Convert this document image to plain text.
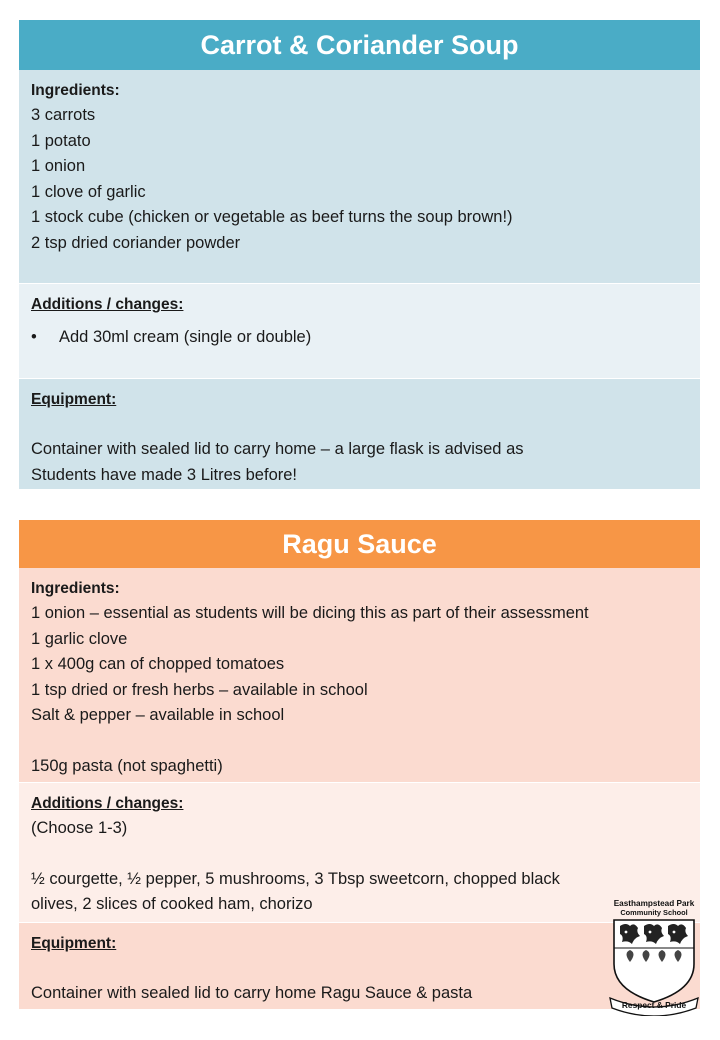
Carrot & Coriander Soup
Ingredients:
3 carrots
1 potato
1 onion
1 clove of garlic
1 stock cube (chicken or vegetable as beef turns the soup brown!)
2 tsp dried coriander powder
Additions / changes:
• Add 30ml cream (single or double)
Equipment:
Container with sealed lid to carry home – a large flask is advised as
Students have made 3 Litres before!
Ragu Sauce
Ingredients:
1 onion – essential as students will be dicing this as part of their assessment
1 garlic clove
1 x 400g can of chopped tomatoes
1 tsp dried or fresh herbs – available in school
Salt & pepper – available in school
150g pasta (not spaghetti)
Additions / changes:
(Choose 1-3)
½ courgette, ½ pepper, 5 mushrooms, 3 Tbsp sweetcorn, chopped black
olives, 2 slices of cooked ham, chorizo
Equipment:
Container with sealed lid to carry home Ragu Sauce & pasta
Easthampstead Park
Community School
Respect & Pride
